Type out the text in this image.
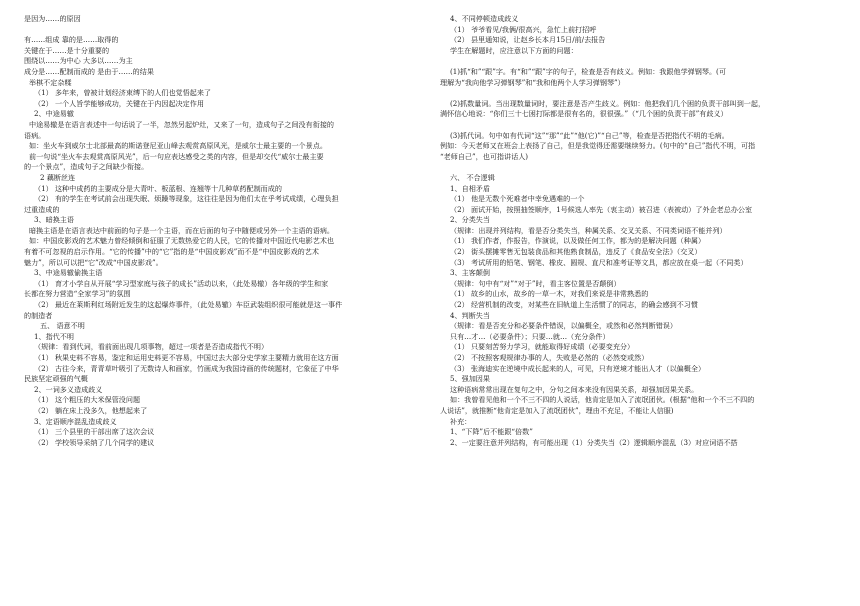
是因为……的原因
有……组成 靠的是……取得的
关键在于……是十分重要的
围绕以……为中心 大多以……为主
成分是……配制而成的 是由于……的结果
举棋不定杂糅
（1） 多年来，曾被计划经济束缚下的人们也觉悟起来了
（2） 一个人旨学能够成功，关键在于内因起决定作用
2、中途易辙
中途易辙是在语言表述中一句话说了一半，忽然另起炉灶，又来了一句，造成句子之间没有衔接的
语病。
如：坐火车到威尔士北部最高的斯诺登尼亚山峰去观赏高原风光，是威尔士最主要的一个景点。
前一句说“坐火车去观赏高原风光”，后一句应表达感受之类的内容，但是却交代“威尔士最主要
的一个景点”，造成句子之间缺少衔接。
2 藕断丝连
（1） 这种中成药的主要成分是大青叶、板蓝根、连翘等十几种草药配制而成的
（2） 有的学生在考试前会出现失眠、烦躁等现象，这往往是因为他们太在乎考试成绩，心理负担
过重造成的
3、暗换主语
暗换主语是在语言表达中前面的句子是一个主语，而在后面的句子中随便或另外一个主语的语病。
如：中国皮影戏的艺术魅力曾经倾倒和征服了无数热爱它的人民，它的传播对中国近代电影艺术也
有着不可忽视的启示作用。“它的传播”中的“它”指的是“中国皮影戏”而不是“中国皮影戏的艺术
魅力”，所以可以把“它”改成“中国皮影戏”。
3、中途易辙偷换主语
（1） 育才小学自从开展“学习型家庭与孩子的成长”活动以来，（此处易辙）各年级的学生和家
长都在努力营造“全家学习”的氛围
（2） 最近在莱斯利红场附近发生的这起爆炸事件，（此处易辙）车臣武装组织很可能就是这一事件
的制造者
五、 语意不明
1、指代不明
（规律：看到代词，看前面出现几项事物，超过一项者是否造成指代不明）
（1） 秋果史料不容易，鉴定和运用史料更不容易，中国过去大部分史学家主要精力就用在这方面
（2） 古往今来，青青草叶吸引了无数诗人和画家，竹画成为我国诗画的传统题材，它象征了中华
民族坚定顽强的气概
2、一词多义造成歧义
（1） 这个粗压的大米保管没问题
（2） 躺在床上没多久，他想起来了
3、定语顺序混乱造成歧义
（1） 三个县里的干部出席了这次会议
（2） 学校领导采纳了几个同学的建议
4、不同停顿造成歧义
（1） 爷爷看见/我俩/很高兴，急忙上前打招呼
（2） 县里通知说，让赵乡长本月15日/前/去报告
学生在解题时，应注意以下方面的问题：
(1)抓“和”“跟”字。有“和”“跟”字的句子，检查是否有歧义。例如：我跟他学弹钢琴。(可
理解为“我向他学习弹钢琴”和“我和他两个人学习弹钢琴”）
(2)抓数量词。当出现数量词时，要注意是否产生歧义。例如：他把我们几个困的负责干部叫到一起，
满怀信心地说：“你们三十七困打际都是很有名的，很很强。”（“几个困的负责干部”有歧义）
(3)抓代词。句中如有代词“这”“那”“此”“他(它)”“自己”等，检查是否把指代不明的毛病。
例如：今天老师又在班会上表扬了自己，但是我觉得还需要继续努力。(句中的“自己”指代不明，可指
“老师自己”，也可指讲话人)
六、 不合逻辑
1、自相矛盾
（1） 他是无数个死难者中幸免遇难的一个
（2） 面试开始，按照抽签顺序，1号候选人率先（衷主动）被召进（表被动）了外企老总办公室
2、分类失当
（规律：出现并列结构，看是否分类失当，种属关系、交叉关系、不同类词语不能并列）
（1） 我们作者，作报告，作演说，以及做任何工作，都为的是解决问题（种属）
（2） 街头摆摊零售无包装食品和其他熟食制品，违反了《食品安全法》（交叉）
（3） 考试所用的铅笔、钢笔、橡皮、圆规、直尺和准考证等文具，都应放在桌一起（不同类）
3、主客颠倒
（规律：句中有“对”“对于”时，看主客位置是否颠倒）
（1） 故乡的山水，故乡的一草一木，对我们来说是非常熟悉的
（2） 经营机制的改变，对某些在旧轨道上生活惯了的同志，的确会感到不习惯
4、判断失当
（规律：看是否充分和必要条件错误，以偏概全，或然和必然判断错误）
只有…才…（必要条件）；只要…就…（充分条件）
（1） 只要刻苦努力学习，就能取得好成绩（必要变充分）
（2） 不按照客观规律办事的人，失败是必然的（必然变或然）
（3） 张海迪实在逆境中成长起来的人，可见，只有逆境才能出人才（以偏概全）
5、强加因果
这种语病常常出现在复句之中，分句之间本来没有因果关系，却强加因果关系。
如：我曾看见他和一个不三不四的人说话，他肯定是加入了流氓团伙。(根据“他和一个不三不四的
人说话”，就推断“他肯定是加入了流氓团伙”，理由不充足，不能让人信服)
补充：
1、“下降”后不能跟“倍数”
2、一定要注意并列结构，有可能出现（1）分类失当（2）逻辑顺序混乱（3）对应词语不搭
